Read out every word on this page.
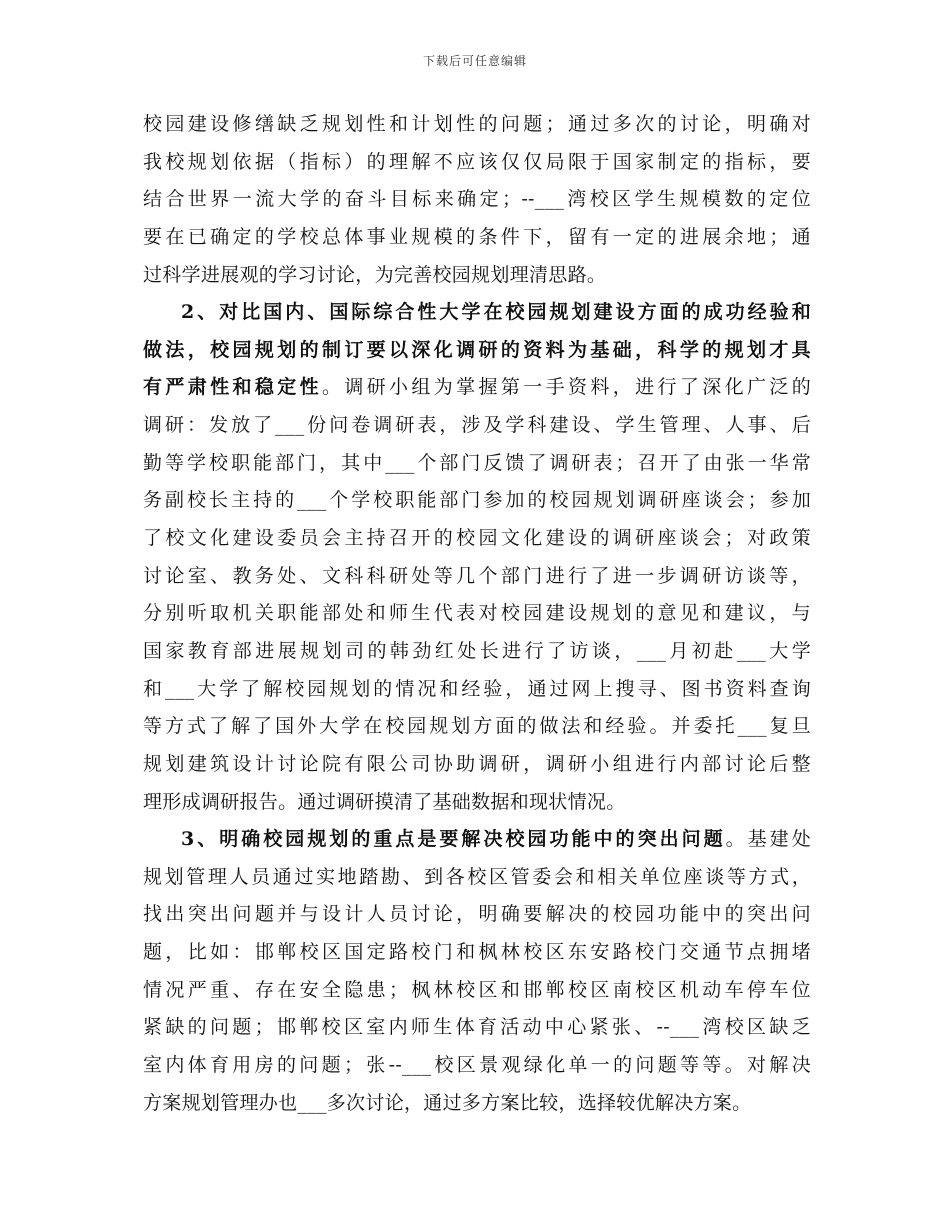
下载后可任意编辑
校园建设修缮缺乏规划性和计划性的问题；通过多次的讨论，明确对
我校规划依据（指标）的理解不应该仅仅局限于国家制定的指标，要
结合世界一流大学的奋斗目标来确定；--___湾校区学生规模数的定位
要在已确定的学校总体事业规模的条件下，留有一定的进展余地；通
过科学进展观的学习讨论，为完善校园规划理清思路。
2、对比国内、国际综合性大学在校园规划建设方面的成功经验和
做法，校园规划的制订要以深化调研的资料为基础，科学的规划才具
有严肃性和稳定性。调研小组为掌握第一手资料，进行了深化广泛的
调研：发放了___份问卷调研表，涉及学科建设、学生管理、人事、后
勤等学校职能部门，其中___个部门反馈了调研表；召开了由张一华常
务副校长主持的___个学校职能部门参加的校园规划调研座谈会；参加
了校文化建设委员会主持召开的校园文化建设的调研座谈会；对政策
讨论室、教务处、文科科研处等几个部门进行了进一步调研访谈等，
分别听取机关职能部处和师生代表对校园建设规划的意见和建议，与
国家教育部进展规划司的韩劲红处长进行了访谈，___月初赴___大学
和___大学了解校园规划的情况和经验，通过网上搜寻、图书资料查询
等方式了解了国外大学在校园规划方面的做法和经验。并委托___复旦
规划建筑设计讨论院有限公司协助调研，调研小组进行内部讨论后整
理形成调研报告。通过调研摸清了基础数据和现状情况。
3、明确校园规划的重点是要解决校园功能中的突出问题。基建处
规划管理人员通过实地踏勘、到各校区管委会和相关单位座谈等方式，
找出突出问题并与设计人员讨论，明确要解决的校园功能中的突出问
题，比如：邯郸校区国定路校门和枫林校区东安路校门交通节点拥堵
情况严重、存在安全隐患；枫林校区和邯郸校区南校区机动车停车位
紧缺的问题；邯郸校区室内师生体育活动中心紧张、--___湾校区缺乏
室内体育用房的问题；张--___校区景观绿化单一的问题等等。对解决
方案规划管理办也___多次讨论，通过多方案比较，选择较优解决方案。
